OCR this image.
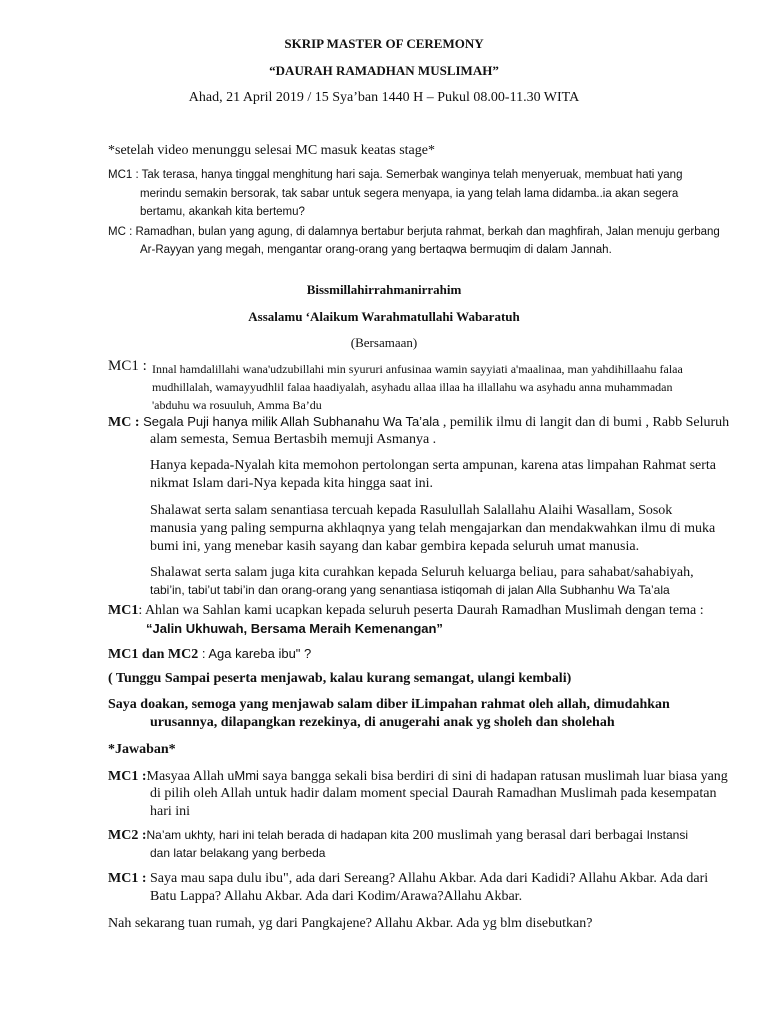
SKRIP MASTER OF CEREMONY
“DAURAH RAMADHAN MUSLIMAH”
Ahad, 21 April 2019 / 15 Sya’ban 1440 H – Pukul 08.00-11.30 WITA
*setelah video menunggu selesai MC masuk keatas stage*
MC1 : Tak terasa, hanya tinggal menghitung hari saja. Semerbak wanginya telah menyeruak, membuat hati yang
merindu semakin bersorak, tak sabar untuk segera menyapa, ia yang telah lama didamba..ia akan segera
bertamu, akankah kita bertemu?
MC : Ramadhan, bulan yang agung, di dalamnya bertabur berjuta rahmat, berkah dan maghfirah, Jalan menuju gerbang
Ar-Rayyan yang megah, mengantar orang-orang yang bertaqwa bermuqim di dalam Jannah.
Bissmillahirrahmanirrahim
Assalamu ‘Alaikum Warahmatullahi Wabaratuh
(Bersamaan)
MC1 : Innal hamdalillahi wana'udzubillahi min syururi anfusinaa wamin sayyiati a'maalinaa, man yahdihillaahu falaa
mudhillalah, wamayyudhlil falaa haadiyalah, asyhadu allaa illaa ha illallahu wa asyhadu anna muhammadan
'abduhu wa rosuuluh, Amma Ba’du
MC : Segala Puji hanya milik Allah Subhanahu Wa Ta’ala , pemilik ilmu di langit dan di bumi , Rabb Seluruh
alam semesta, Semua Bertasbih memuji Asmanya .
Hanya kepada-Nyalah kita memohon pertolongan serta ampunan, karena atas limpahan Rahmat serta
nikmat Islam dari-Nya kepada kita hingga saat ini.
Shalawat serta salam senantiasa tercuah kepada Rasulullah Salallahu Alaihi Wasallam, Sosok
manusia yang paling sempurna akhlaqnya yang telah mengajarkan dan mendakwahkan ilmu di muka
bumi ini, yang menebar kasih sayang dan kabar gembira kepada seluruh umat manusia.
Shalawat serta salam juga kita curahkan kepada Seluruh keluarga beliau, para sahabat/sahabiyah,
tabi’in, tabi’ut tabi’in dan orang-orang yang senantiasa istiqomah di jalan Alla Subhanhu Wa Ta’ala
MC1: Ahlan wa Sahlan kami ucapkan kepada seluruh peserta Daurah Ramadhan Muslimah dengan tema :
“Jalin Ukhuwah, Bersama Meraih Kemenangan”
MC1 dan MC2 : Aga kareba ibu" ?
( Tunggu Sampai peserta menjawab, kalau kurang semangat, ulangi kembali)
Saya doakan, semoga yang menjawab salam diber iLimpahan rahmat oleh allah, dimudahkan
urusannya, dilapangkan rezekinya, di anugerahi anak yg sholeh dan sholehah
*Jawaban*
MC1 :Masyaa Allah uMmi saya bangga sekali bisa berdiri di sini di hadapan ratusan muslimah luar biasa yang
di pilih oleh Allah untuk hadir dalam moment special Daurah Ramadhan Muslimah pada kesempatan
hari ini
MC2 :Na’am ukhty, hari ini telah berada di hadapan kita 200 muslimah yang berasal dari berbagai Instansi
dan latar belakang yang berbeda
MC1 : Saya mau sapa dulu ibu", ada dari Sereang? Allahu Akbar. Ada dari Kadidi? Allahu Akbar. Ada dari
Batu Lappa? Allahu Akbar. Ada dari Kodim/Arawa?Allahu Akbar.
Nah sekarang tuan rumah, yg dari Pangkajene? Allahu Akbar. Ada yg blm disebutkan?
